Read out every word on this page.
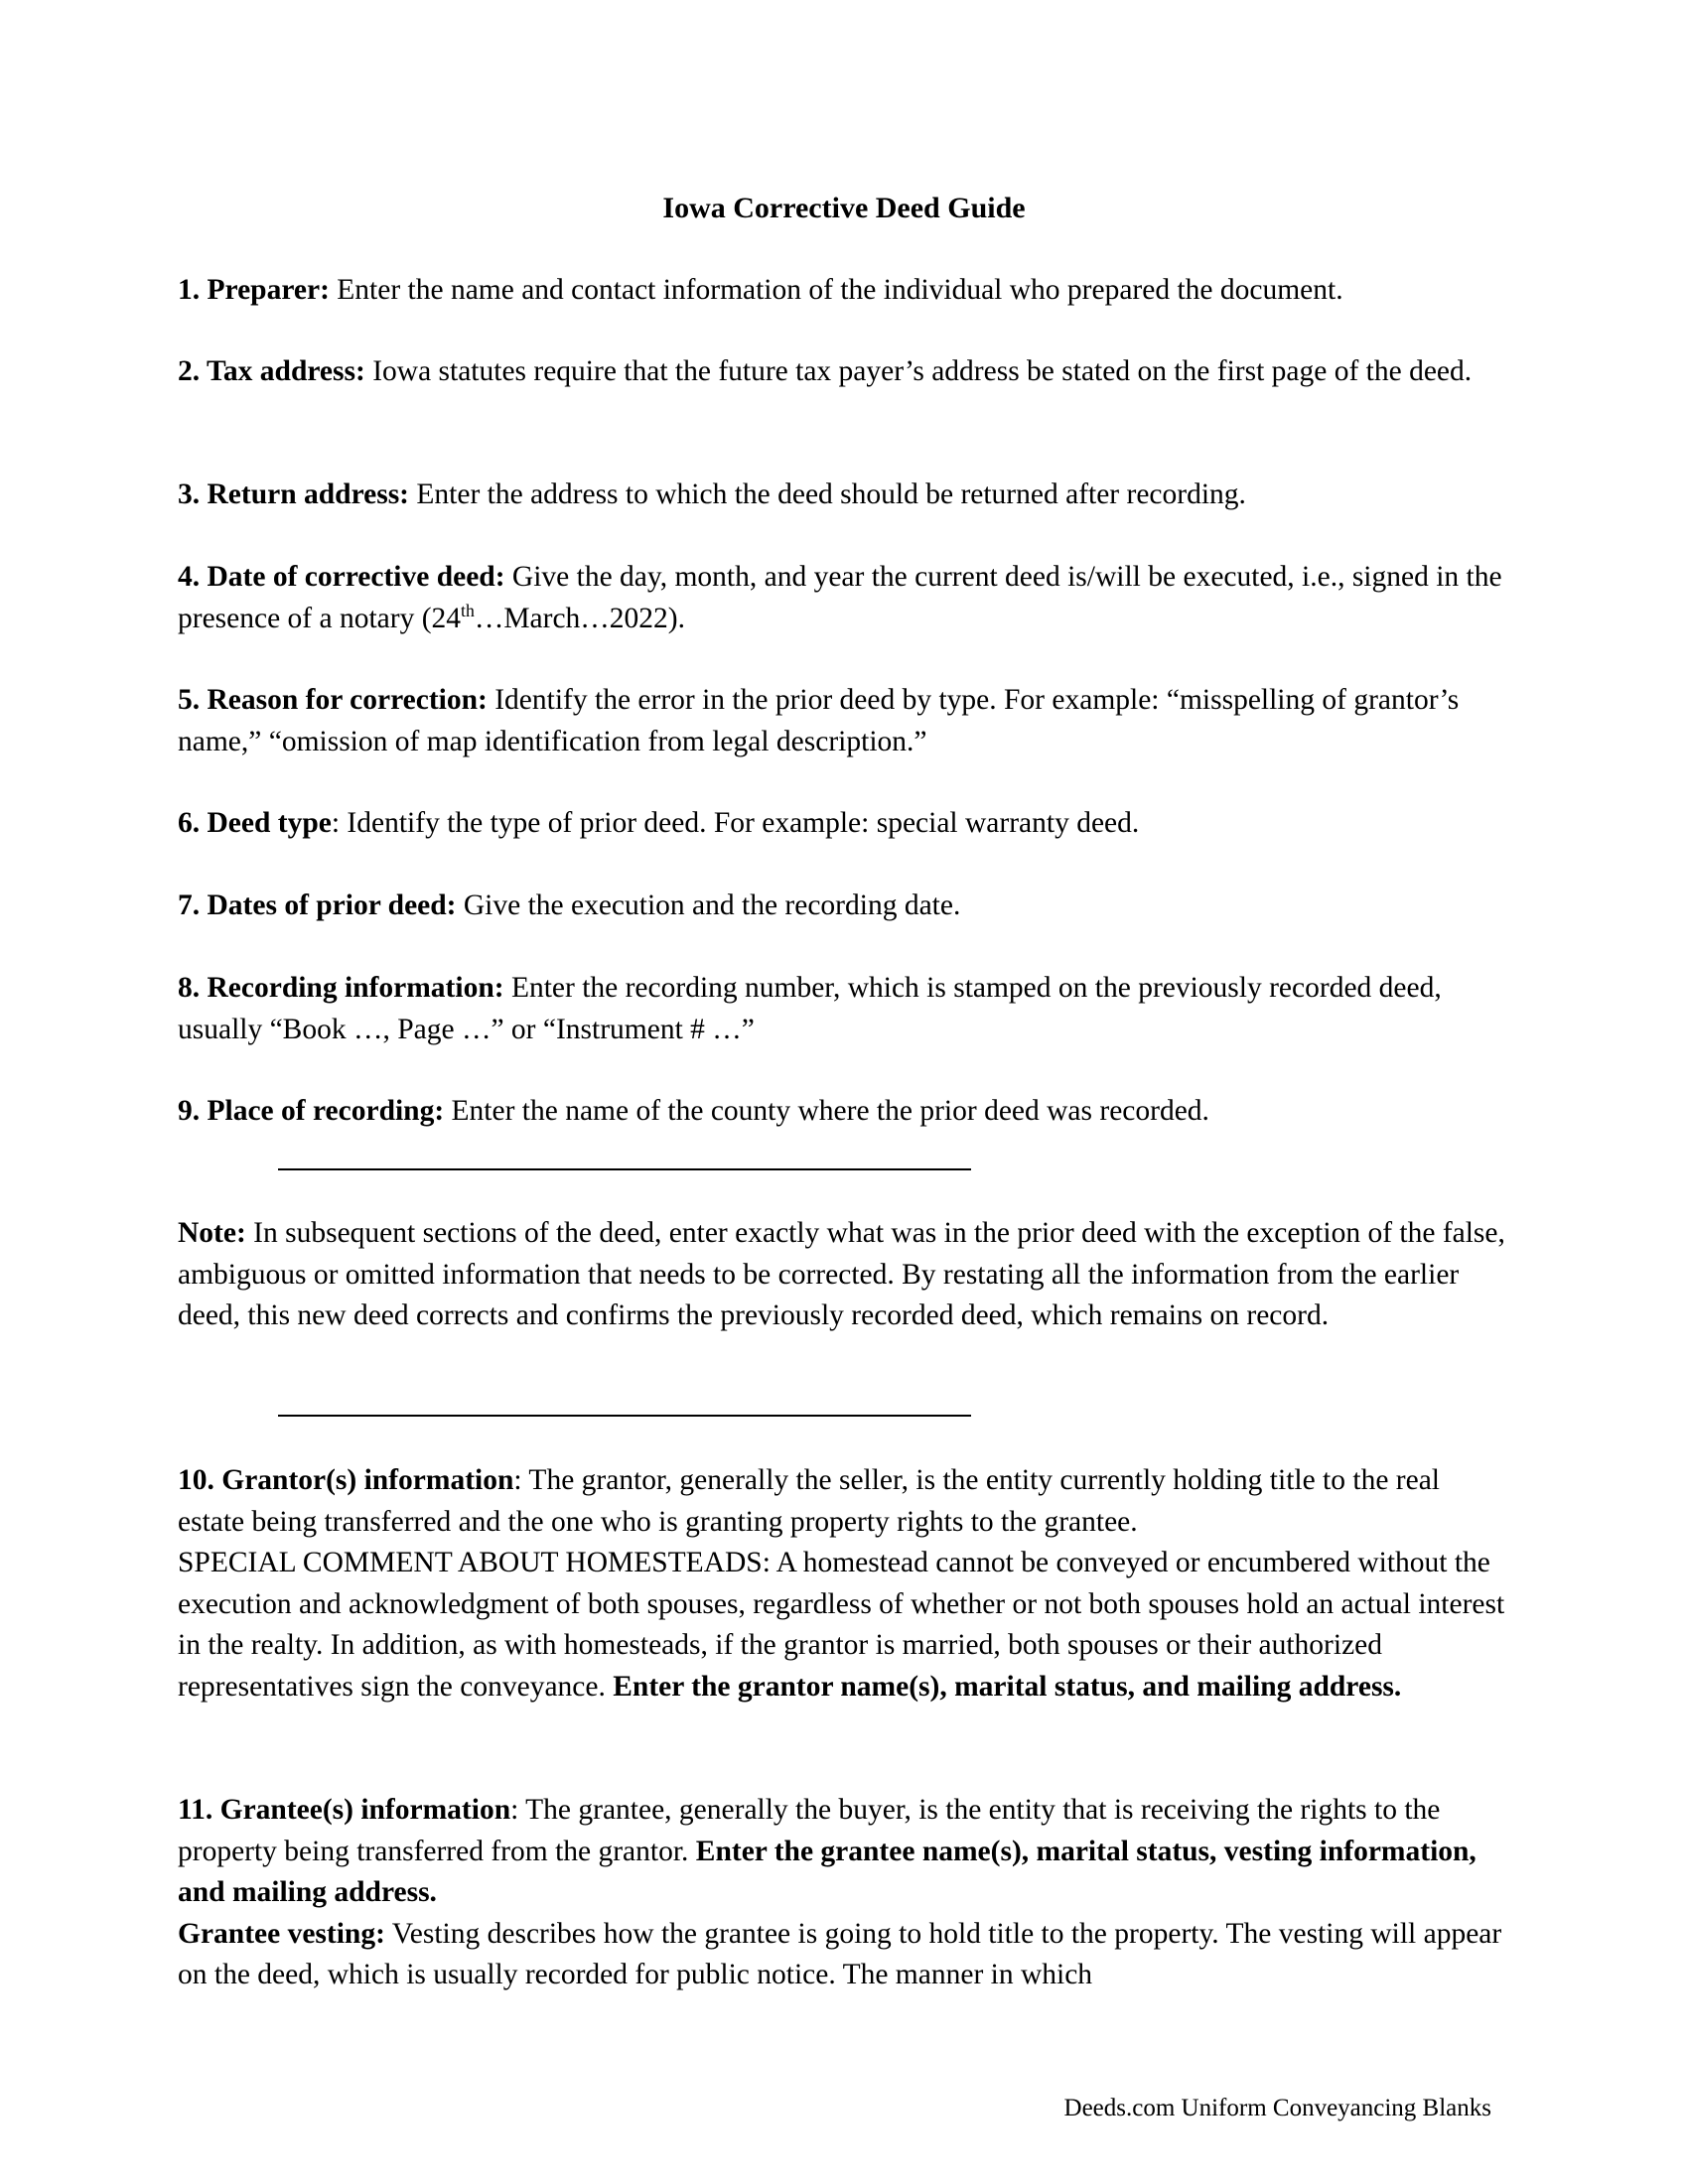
Iowa Corrective Deed Guide

1. Preparer: Enter the name and contact information of the individual who prepared the document.

2. Tax address: Iowa statutes require that the future tax payer’s address be stated on the first page of the deed.

3. Return address: Enter the address to which the deed should be returned after recording.

4. Date of corrective deed: Give the day, month, and year the current deed is/will be executed, i.e., signed in the presence of a notary (24th…March…2022).

5. Reason for correction: Identify the error in the prior deed by type. For example: “misspelling of grantor’s name,” “omission of map identification from legal description.”

6. Deed type: Identify the type of prior deed. For example: special warranty deed.

7. Dates of prior deed: Give the execution and the recording date.

8. Recording information: Enter the recording number, which is stamped on the previously recorded deed, usually “Book …, Page …” or “Instrument # …”

9. Place of recording: Enter the name of the county where the prior deed was recorded.

Note: In subsequent sections of the deed, enter exactly what was in the prior deed with the exception of the false, ambiguous or omitted information that needs to be corrected. By restating all the information from the earlier deed, this new deed corrects and confirms the previously recorded deed, which remains on record.

10. Grantor(s) information: The grantor, generally the seller, is the entity currently holding title to the real estate being transferred and the one who is granting property rights to the grantee.
SPECIAL COMMENT ABOUT HOMESTEADS: A homestead cannot be conveyed or encumbered without the execution and acknowledgment of both spouses, regardless of whether or not both spouses hold an actual interest in the realty. In addition, as with homesteads, if the grantor is married, both spouses or their authorized representatives sign the conveyance. Enter the grantor name(s), marital status, and mailing address.

11. Grantee(s) information: The grantee, generally the buyer, is the entity that is receiving the rights to the property being transferred from the grantor. Enter the grantee name(s), marital status, vesting information, and mailing address.
Grantee vesting: Vesting describes how the grantee is going to hold title to the property. The vesting will appear on the deed, which is usually recorded for public notice. The manner in which

Deeds.com Uniform Conveyancing Blanks
